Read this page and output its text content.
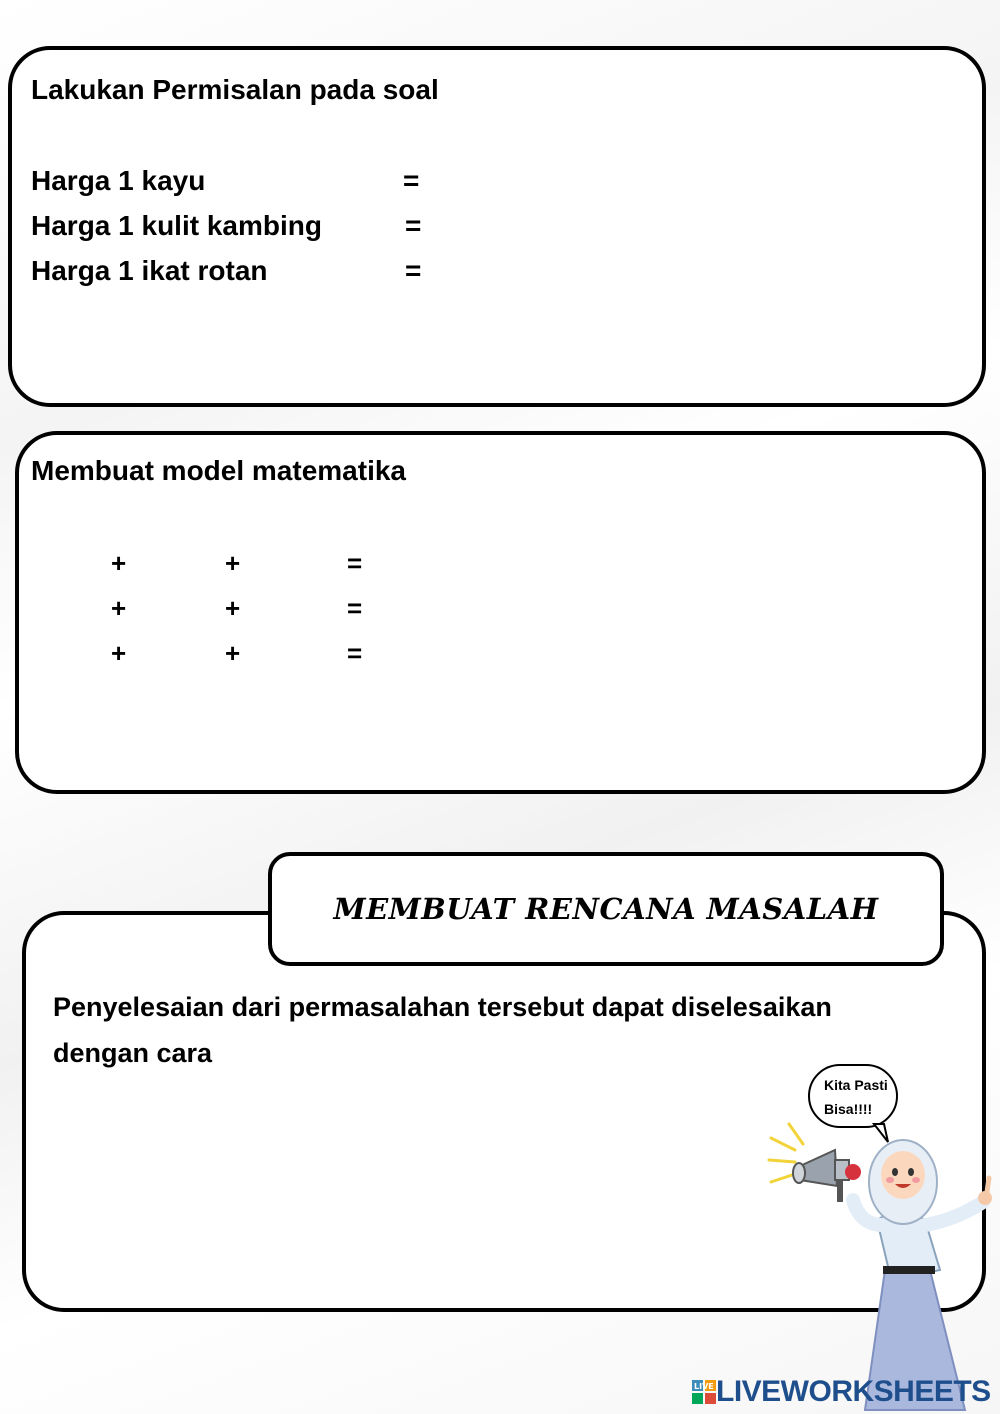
Lakukan Permisalan pada soal
Harga 1 kayu	=
Harga 1 kulit kambing	=
Harga 1 ikat rotan	=
Membuat model matematika
+	+	=
+	+	=
+	+	=
MEMBUAT RENCANA MASALAH
Penyelesaian dari permasalahan tersebut dapat diselesaikan
dengan cara
Kita Pasti
Bisa!!!!
LIVE LIVEWORKSHEETS
